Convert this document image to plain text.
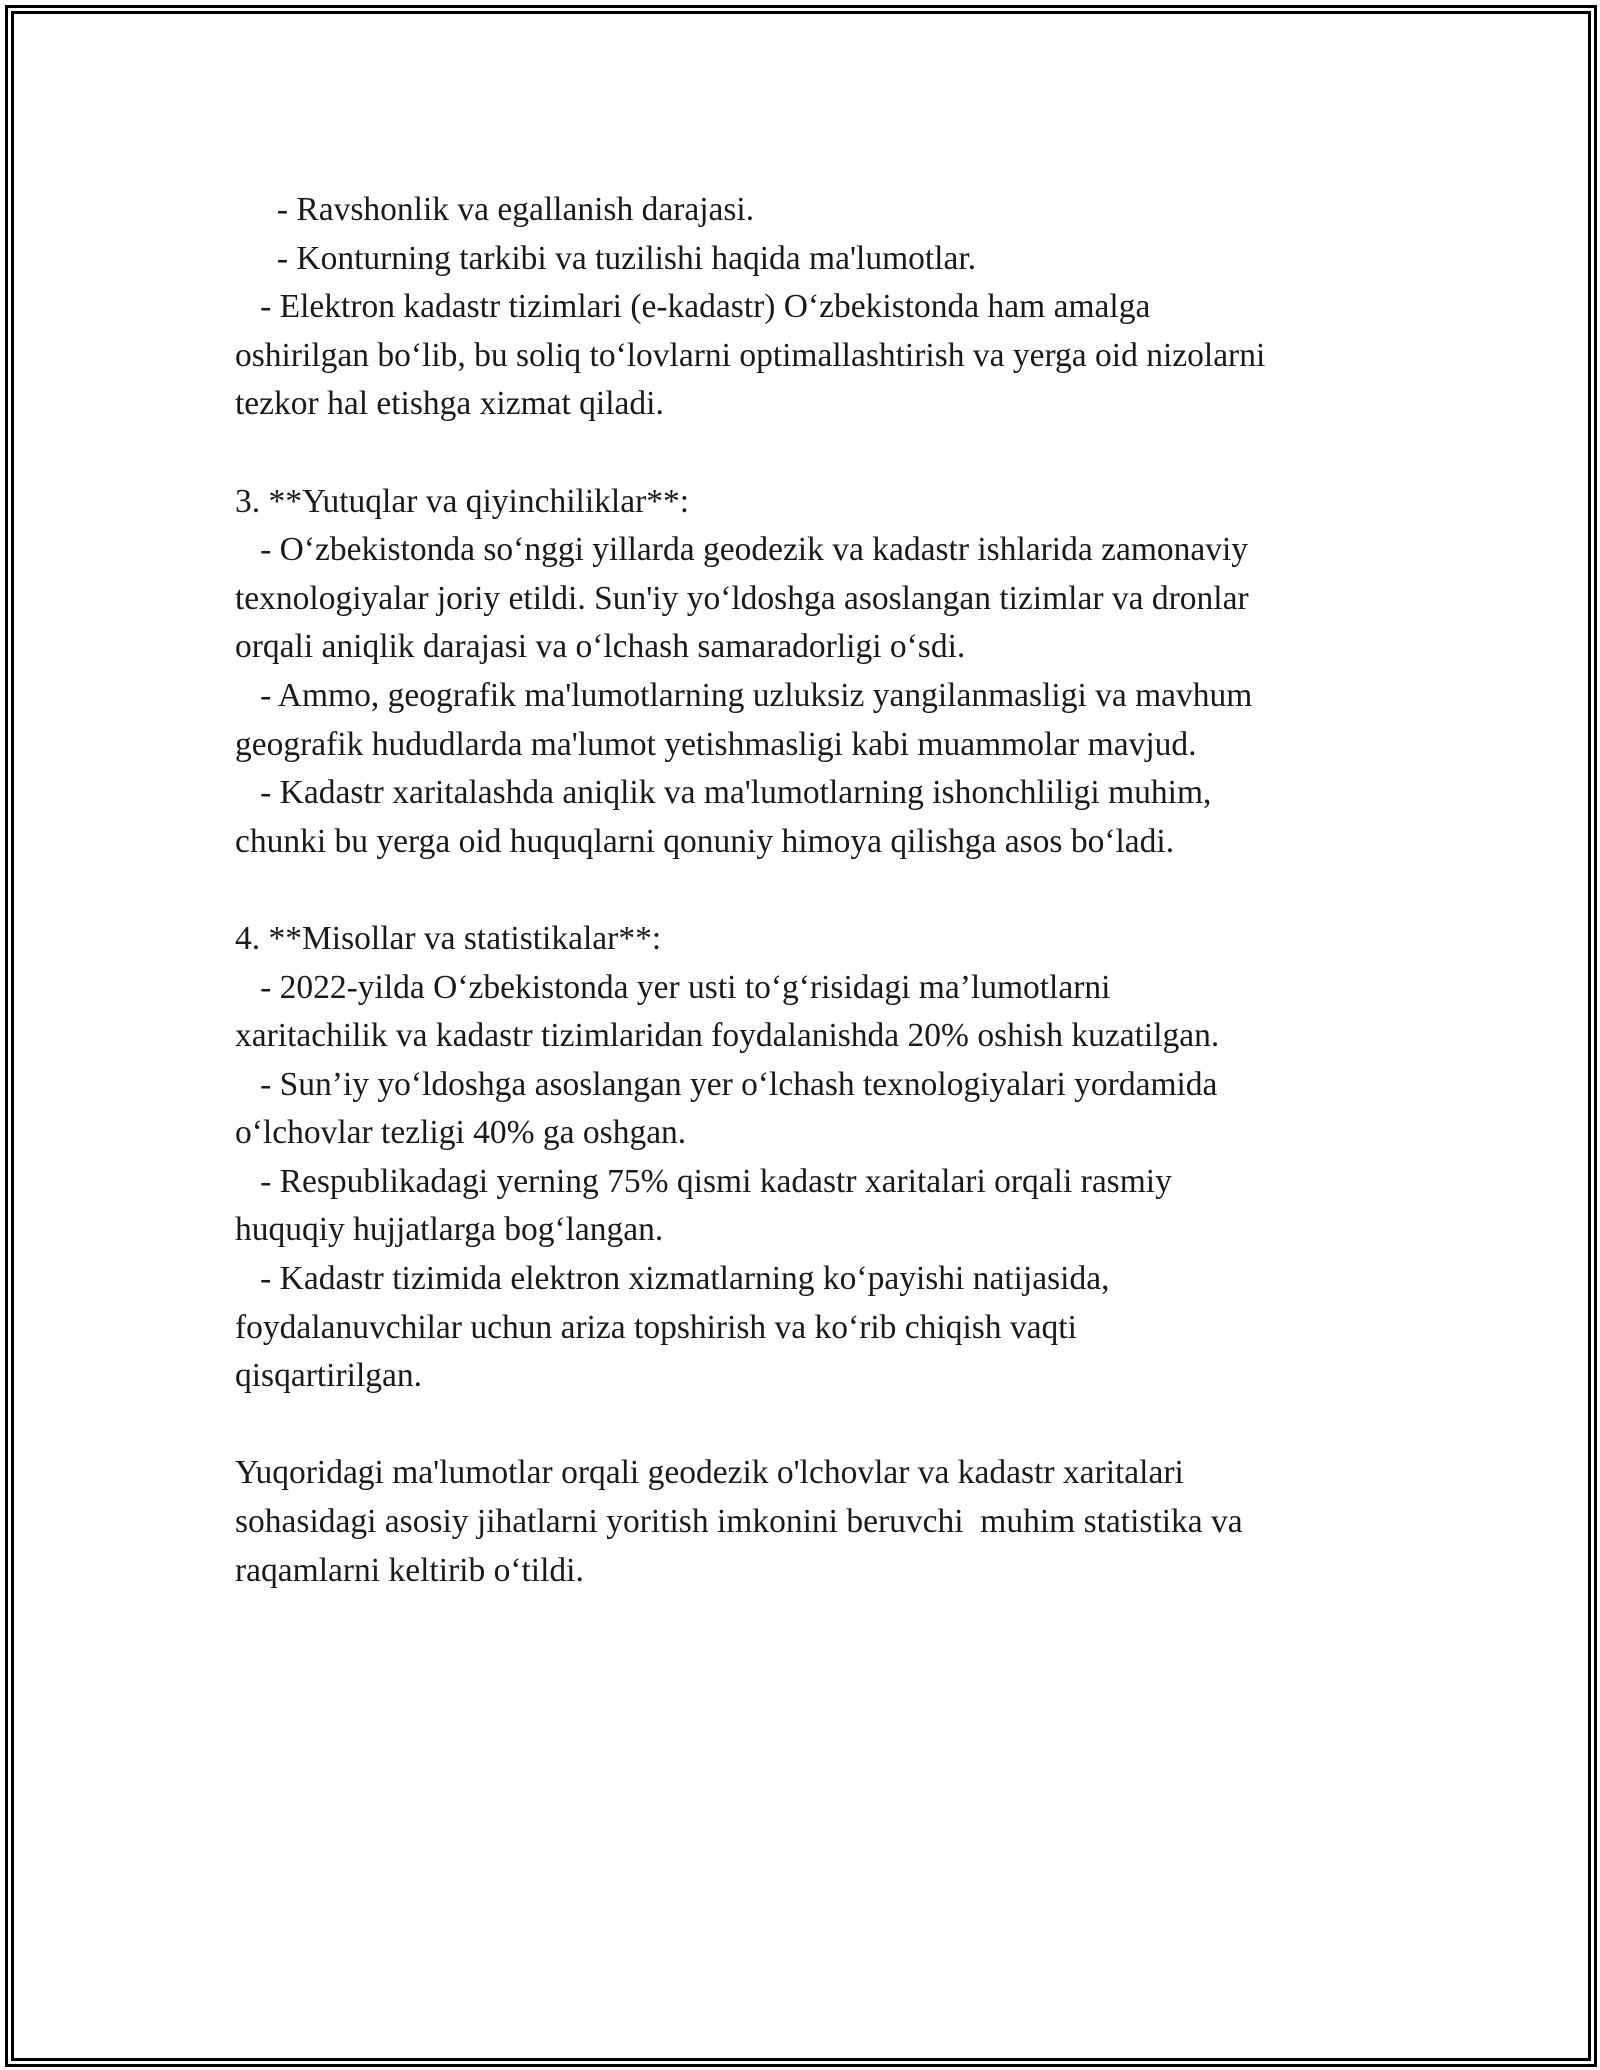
- Ravshonlik va egallanish darajasi.
- Konturning tarkibi va tuzilishi haqida ma'lumotlar.
- Elektron kadastr tizimlari (e-kadastr) O‘zbekistonda ham amalga
oshirilgan bo‘lib, bu soliq to‘lovlarni optimallashtirish va yerga oid nizolarni
tezkor hal etishga xizmat qiladi.
3. **Yutuqlar va qiyinchiliklar**:
- O‘zbekistonda so‘nggi yillarda geodezik va kadastr ishlarida zamonaviy
texnologiyalar joriy etildi. Sun'iy yo‘ldoshga asoslangan tizimlar va dronlar
orqali aniqlik darajasi va o‘lchash samaradorligi o‘sdi.
- Ammo, geografik ma'lumotlarning uzluksiz yangilanmasligi va mavhum
geografik hududlarda ma'lumot yetishmasligi kabi muammolar mavjud.
- Kadastr xaritalashda aniqlik va ma'lumotlarning ishonchliligi muhim,
chunki bu yerga oid huquqlarni qonuniy himoya qilishga asos bo‘ladi.
4. **Misollar va statistikalar**:
- 2022-yilda O‘zbekistonda yer usti to‘g‘risidagi ma’lumotlarni
xaritachilik va kadastr tizimlaridan foydalanishda 20% oshish kuzatilgan.
- Sun’iy yo‘ldoshga asoslangan yer o‘lchash texnologiyalari yordamida
o‘lchovlar tezligi 40% ga oshgan.
- Respublikadagi yerning 75% qismi kadastr xaritalari orqali rasmiy
huquqiy hujjatlarga bog‘langan.
- Kadastr tizimida elektron xizmatlarning ko‘payishi natijasida,
foydalanuvchilar uchun ariza topshirish va ko‘rib chiqish vaqti
qisqartirilgan.
Yuqoridagi ma'lumotlar orqali geodezik o'lchovlar va kadastr xaritalari
sohasidagi asosiy jihatlarni yoritish imkonini beruvchi  muhim statistika va
raqamlarni keltirib o‘tildi.
